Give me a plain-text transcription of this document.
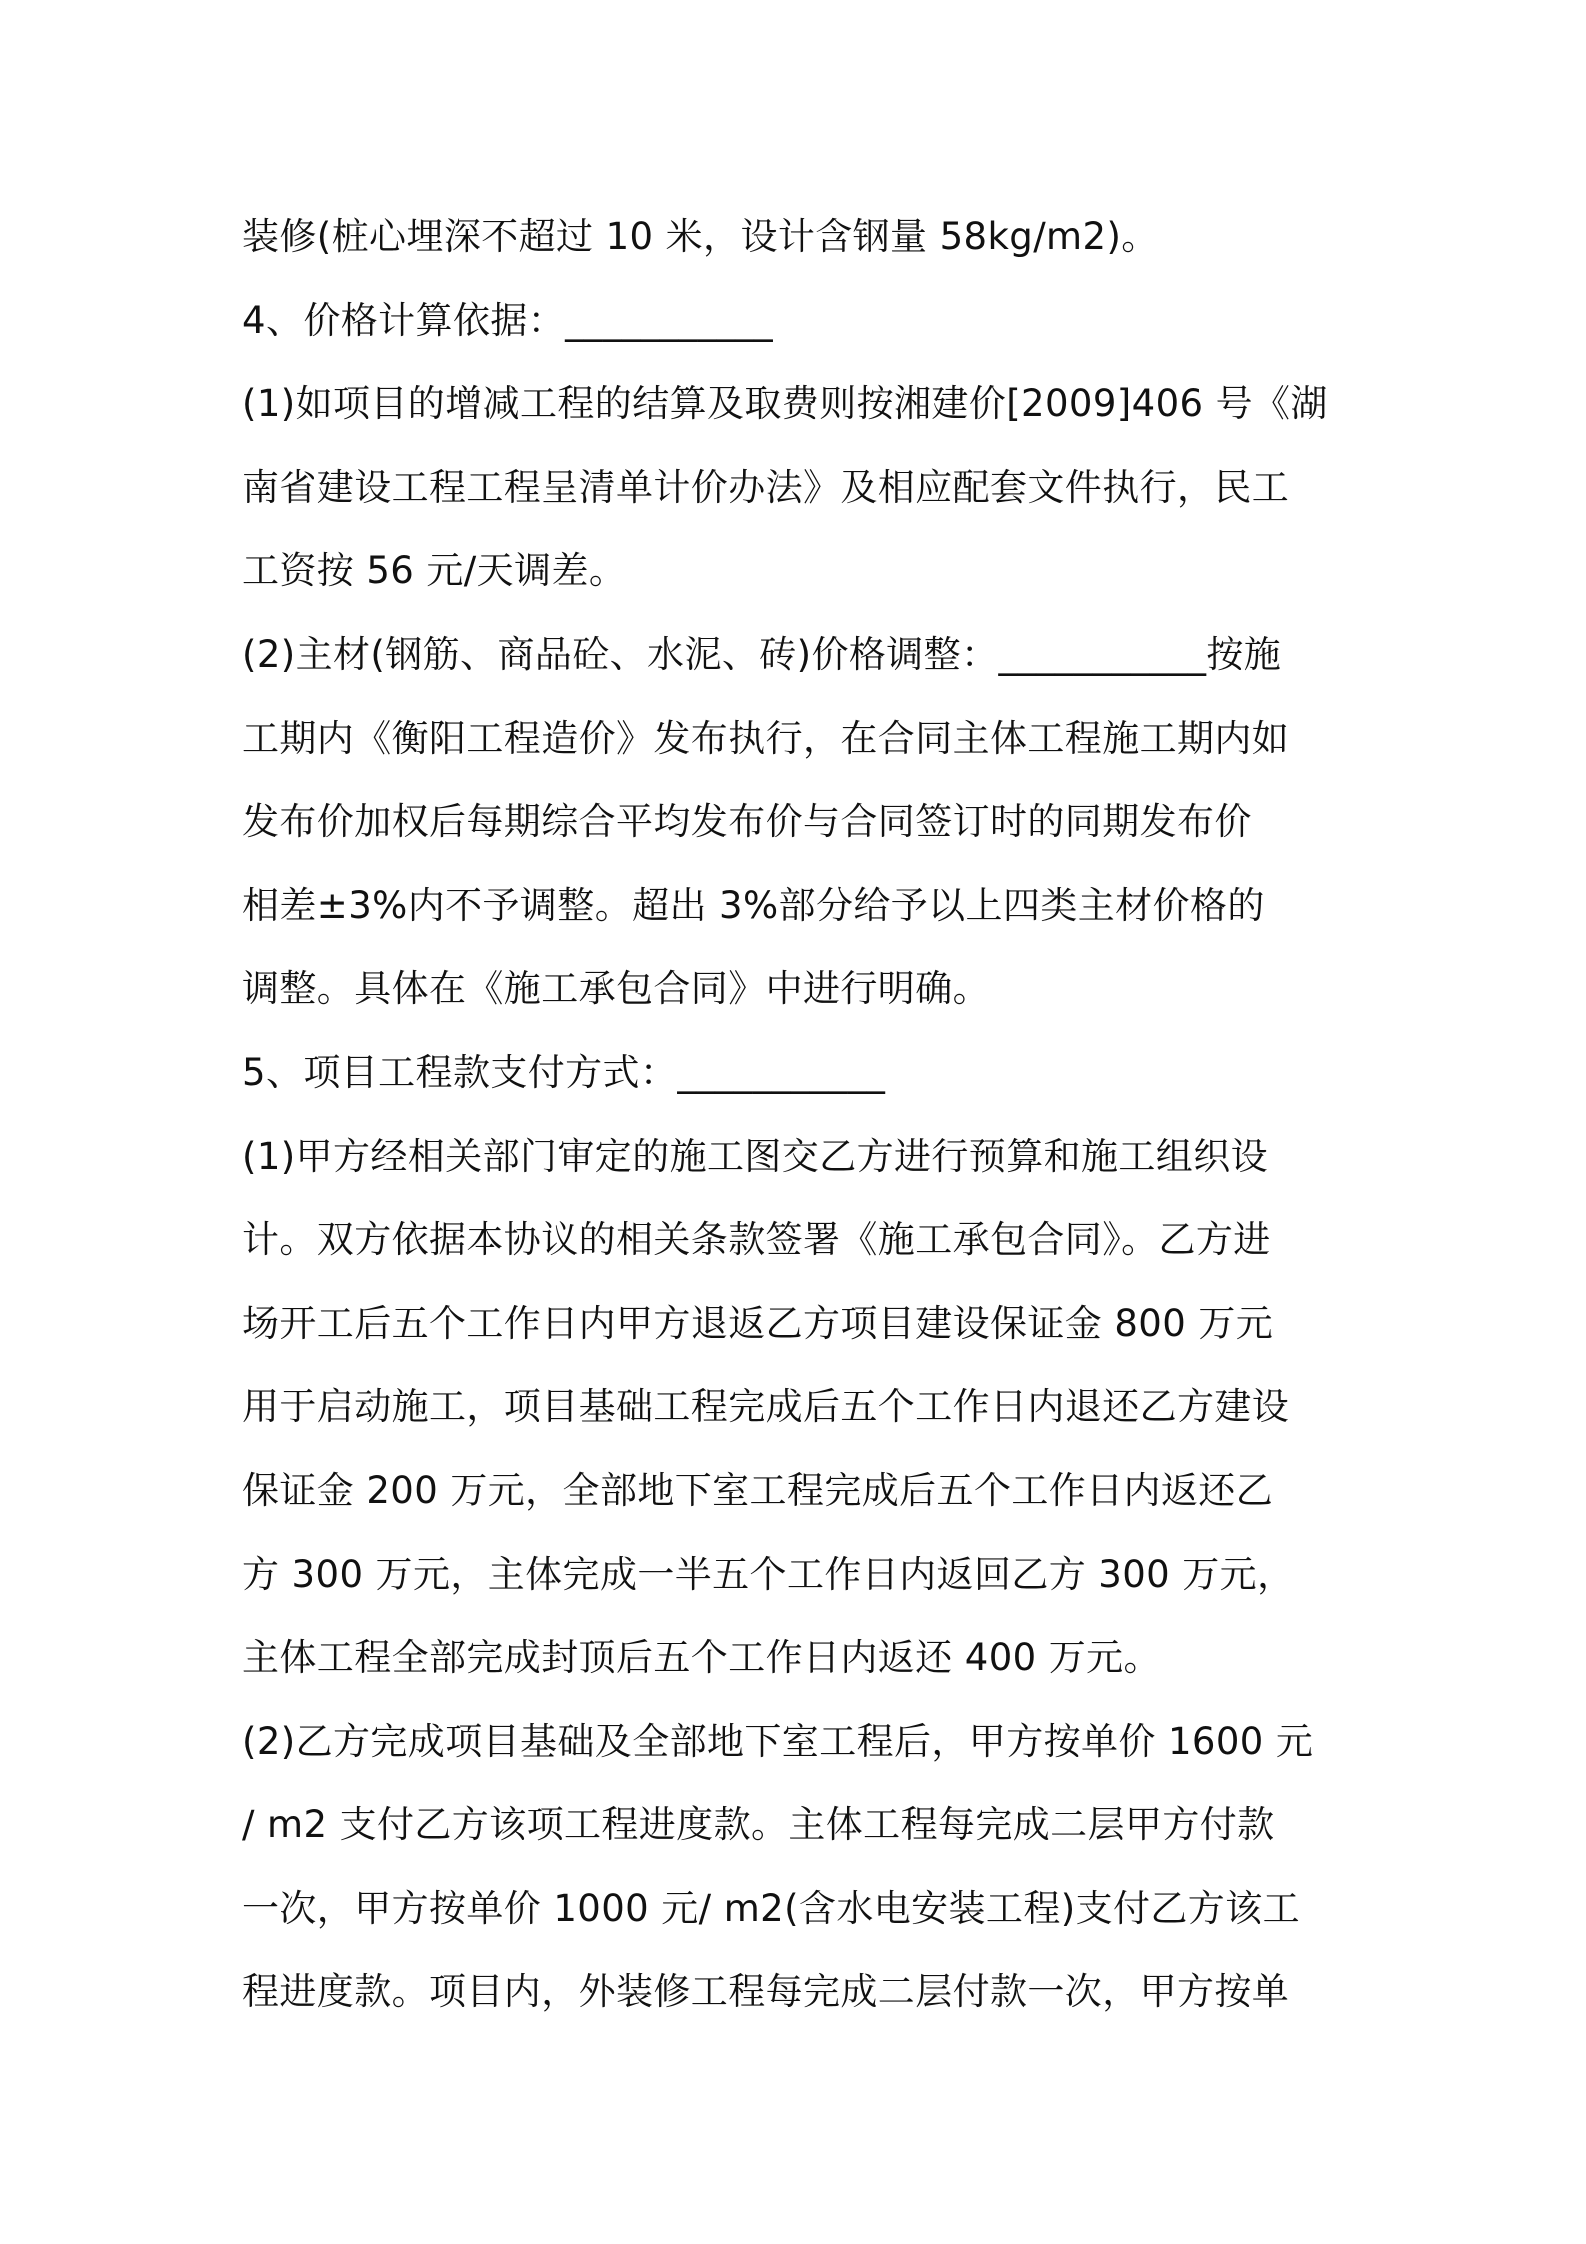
装修(桩心埋深不超过 10 米，设计含钢量 58kg/m2)。
4、价格计算依据：___________
(1)如项目的增减工程的结算及取费则按湘建价[2009]406 号《湖
南省建设工程工程呈清单计价办法》及相应配套文件执行，民工
工资按 56 元/天调差。
(2)主材(钢筋、商品砼、水泥、砖)价格调整：___________按施
工期内《衡阳工程造价》发布执行，在合同主体工程施工期内如
发布价加权后每期综合平均发布价与合同签订时的同期发布价
相差±3%内不予调整。超出 3%部分给予以上四类主材价格的
调整。具体在《施工承包合同》中进行明确。
5、项目工程款支付方式：___________
(1)甲方经相关部门审定的施工图交乙方进行预算和施工组织设
计。双方依据本协议的相关条款签署《施工承包合同》。乙方进
场开工后五个工作日内甲方退返乙方项目建设保证金 800 万元
用于启动施工，项目基础工程完成后五个工作日内退还乙方建设
保证金 200 万元，全部地下室工程完成后五个工作日内返还乙
方 300 万元，主体完成一半五个工作日内返回乙方 300 万元，
主体工程全部完成封顶后五个工作日内返还 400 万元。
(2)乙方完成项目基础及全部地下室工程后，甲方按单价 1600 元
/ m2 支付乙方该项工程进度款。主体工程每完成二层甲方付款
一次，甲方按单价 1000 元/ m2(含水电安装工程)支付乙方该工
程进度款。项目内，外装修工程每完成二层付款一次，甲方按单
